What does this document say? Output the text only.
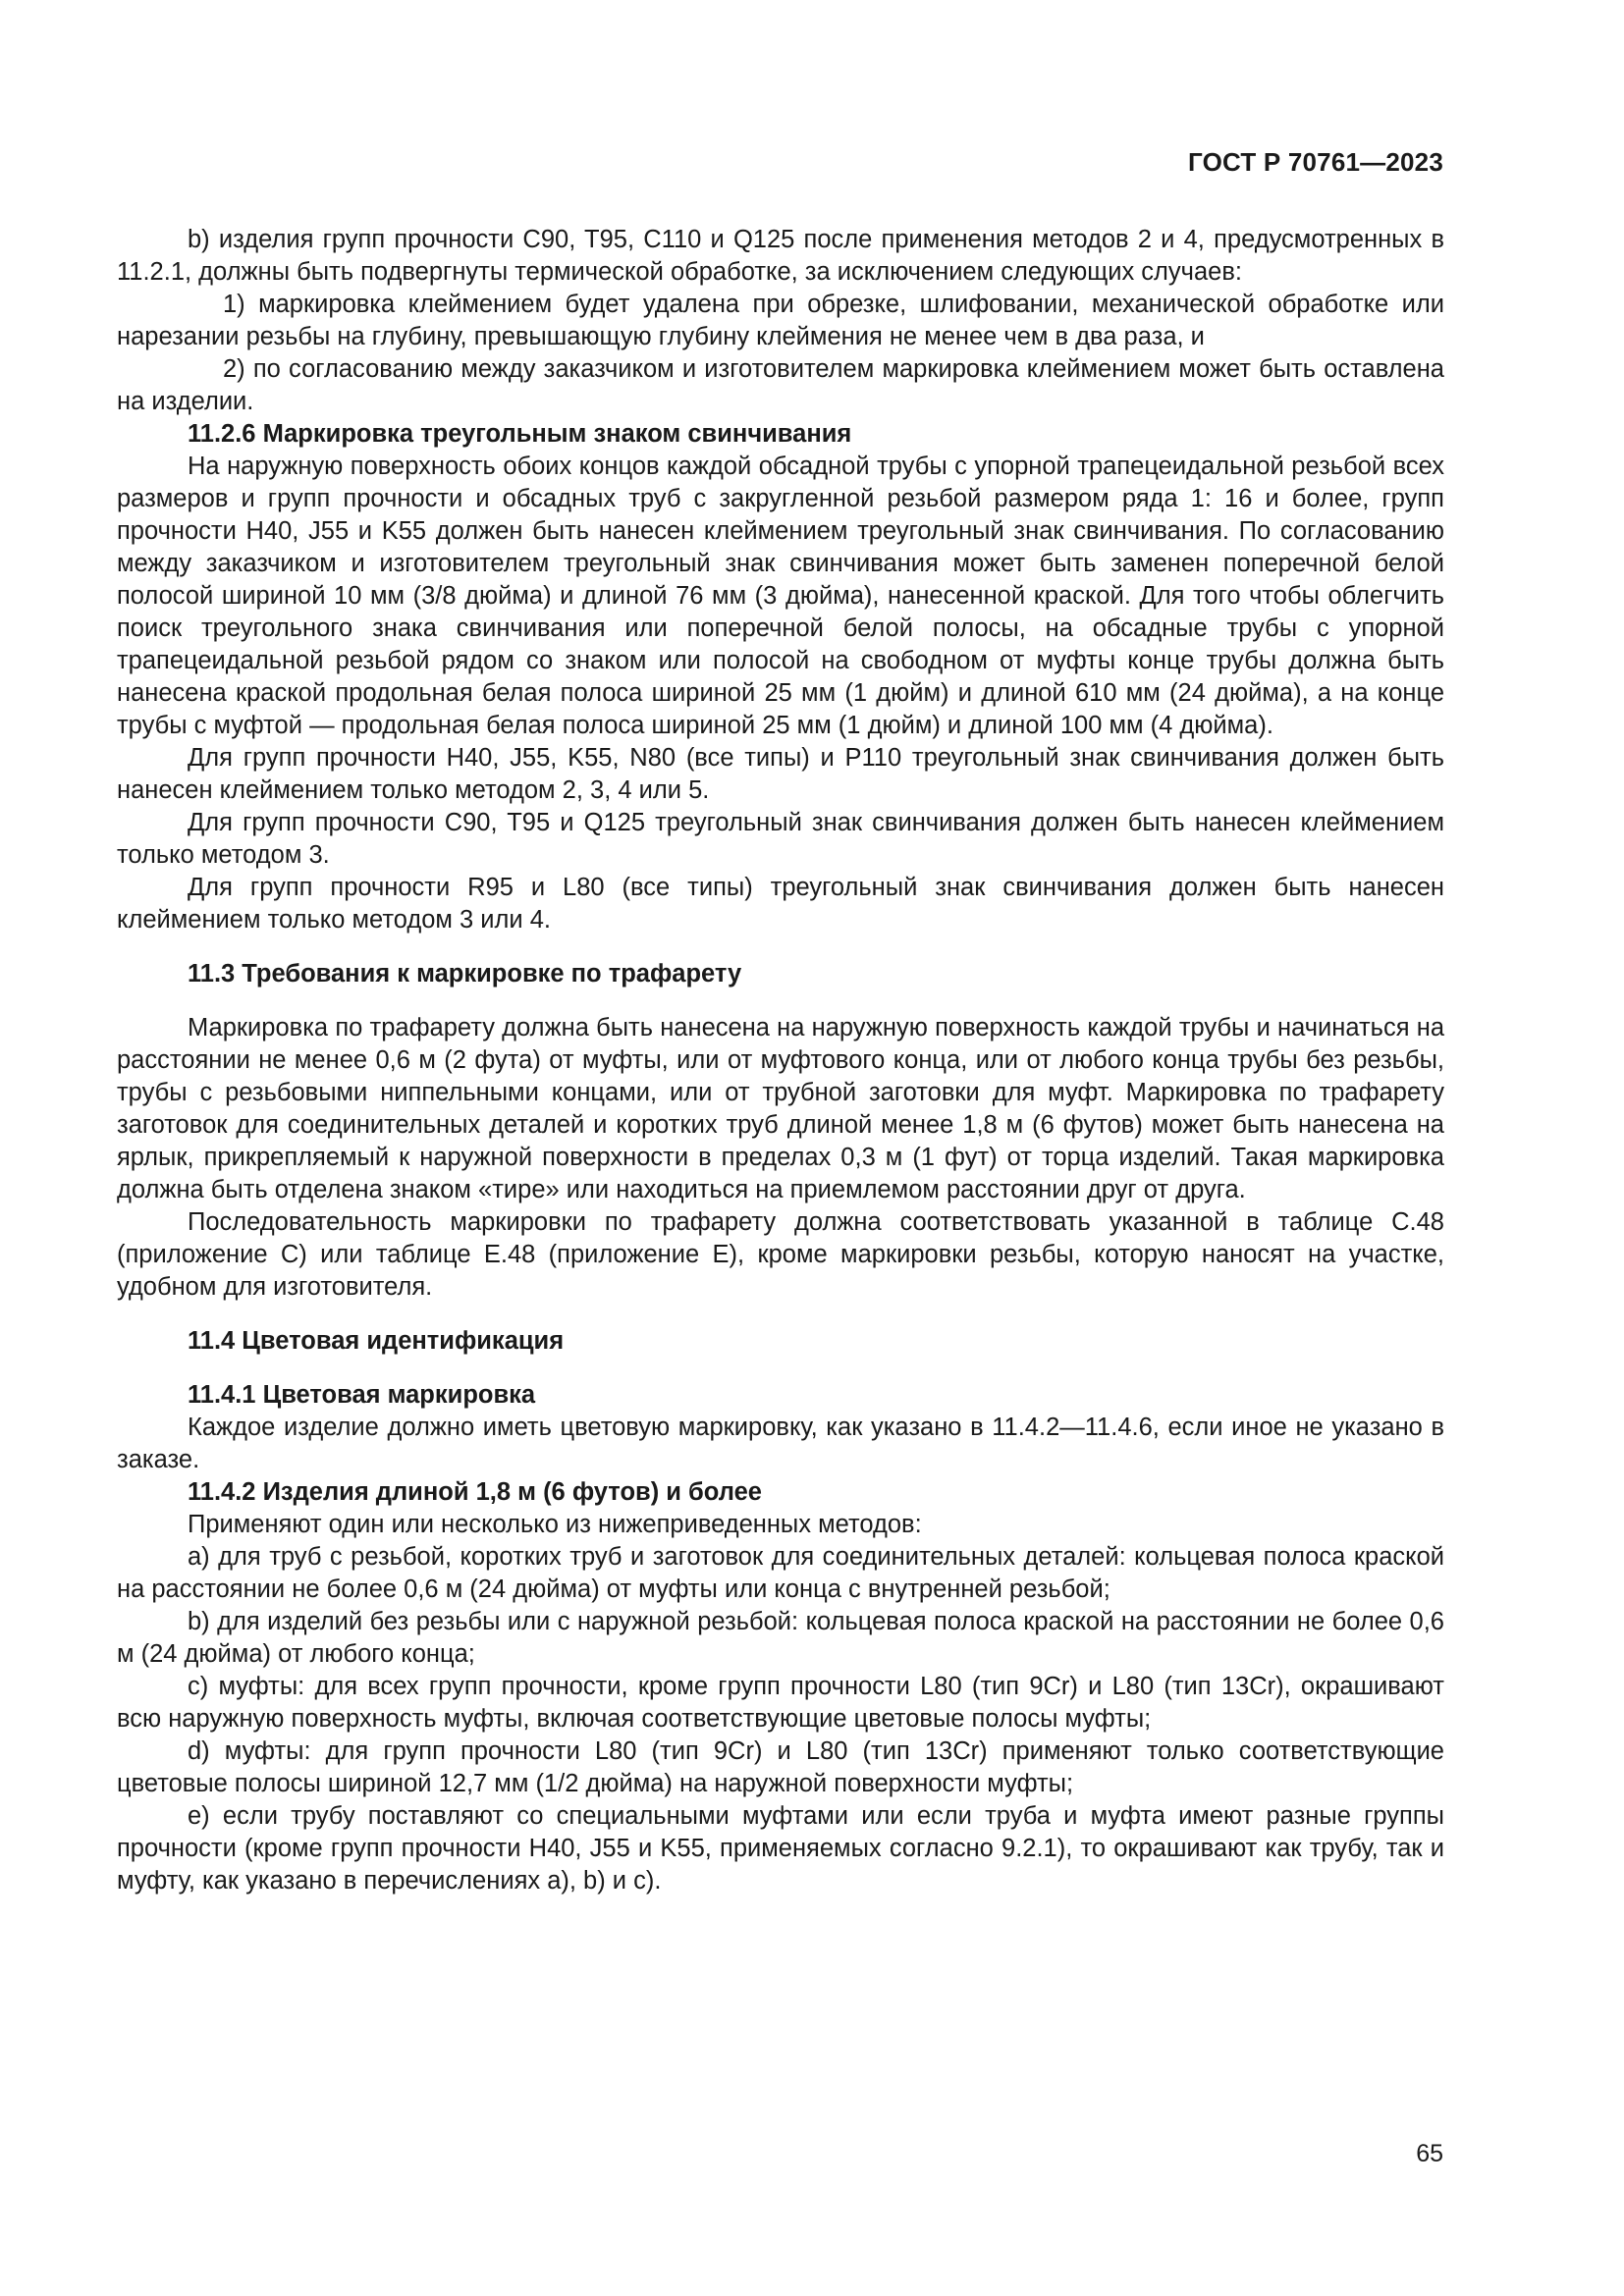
ГОСТ Р 70761—2023

b) изделия групп прочности C90, T95, C110 и Q125 после применения методов 2 и 4, предусмотренных в 11.2.1, должны быть подвергнуты термической обработке, за исключением следующих случаев:

1) маркировка клеймением будет удалена при обрезке, шлифовании, механической обработке или нарезании резьбы на глубину, превышающую глубину клеймения не менее чем в два раза, и

2) по согласованию между заказчиком и изготовителем маркировка клеймением может быть оставлена на изделии.

11.2.6 Маркировка треугольным знаком свинчивания

На наружную поверхность обоих концов каждой обсадной трубы с упорной трапецеидальной резьбой всех размеров и групп прочности и обсадных труб с закругленной резьбой размером ряда 1: 16 и более, групп прочности H40, J55 и K55 должен быть нанесен клеймением треугольный знак свинчивания. По согласованию между заказчиком и изготовителем треугольный знак свинчивания может быть заменен поперечной белой полосой шириной 10 мм (3/8 дюйма) и длиной 76 мм (3 дюйма), нанесенной краской. Для того чтобы облегчить поиск треугольного знака свинчивания или поперечной белой полосы, на обсадные трубы с упорной трапецеидальной резьбой рядом со знаком или полосой на свободном от муфты конце трубы должна быть нанесена краской продольная белая полоса шириной 25 мм (1 дюйм) и длиной 610 мм (24 дюйма), а на конце трубы с муфтой — продольная белая полоса шириной 25 мм (1 дюйм) и длиной 100 мм (4 дюйма).

Для групп прочности H40, J55, K55, N80 (все типы) и P110 треугольный знак свинчивания должен быть нанесен клеймением только методом 2, 3, 4 или 5.

Для групп прочности C90, T95 и Q125 треугольный знак свинчивания должен быть нанесен клеймением только методом 3.

Для групп прочности R95 и L80 (все типы) треугольный знак свинчивания должен быть нанесен клеймением только методом 3 или 4.

11.3 Требования к маркировке по трафарету

Маркировка по трафарету должна быть нанесена на наружную поверхность каждой трубы и начинаться на расстоянии не менее 0,6 м (2 фута) от муфты, или от муфтового конца, или от любого конца трубы без резьбы, трубы с резьбовыми ниппельными концами, или от трубной заготовки для муфт. Маркировка по трафарету заготовок для соединительных деталей и коротких труб длиной менее 1,8 м (6 футов) может быть нанесена на ярлык, прикрепляемый к наружной поверхности в пределах 0,3 м (1 фут) от торца изделий. Такая маркировка должна быть отделена знаком «тире» или находиться на приемлемом расстоянии друг от друга.

Последовательность маркировки по трафарету должна соответствовать указанной в таблице C.48 (приложение C) или таблице E.48 (приложение E), кроме маркировки резьбы, которую наносят на участке, удобном для изготовителя.

11.4 Цветовая идентификация

11.4.1 Цветовая маркировка

Каждое изделие должно иметь цветовую маркировку, как указано в 11.4.2—11.4.6, если иное не указано в заказе.

11.4.2 Изделия длиной 1,8 м (6 футов) и более

Применяют один или несколько из нижеприведенных методов:

a) для труб с резьбой, коротких труб и заготовок для соединительных деталей: кольцевая полоса краской на расстоянии не более 0,6 м (24 дюйма) от муфты или конца с внутренней резьбой;

b) для изделий без резьбы или с наружной резьбой: кольцевая полоса краской на расстоянии не более 0,6 м (24 дюйма) от любого конца;

c) муфты: для всех групп прочности, кроме групп прочности L80 (тип 9Cr) и L80 (тип 13Cr), окрашивают всю наружную поверхность муфты, включая соответствующие цветовые полосы муфты;

d) муфты: для групп прочности L80 (тип 9Cr) и L80 (тип 13Cr) применяют только соответствующие цветовые полосы шириной 12,7 мм (1/2 дюйма) на наружной поверхности муфты;

e) если трубу поставляют со специальными муфтами или если труба и муфта имеют разные группы прочности (кроме групп прочности H40, J55 и K55, применяемых согласно 9.2.1), то окрашивают как трубу, так и муфту, как указано в перечислениях a), b) и c).

65
